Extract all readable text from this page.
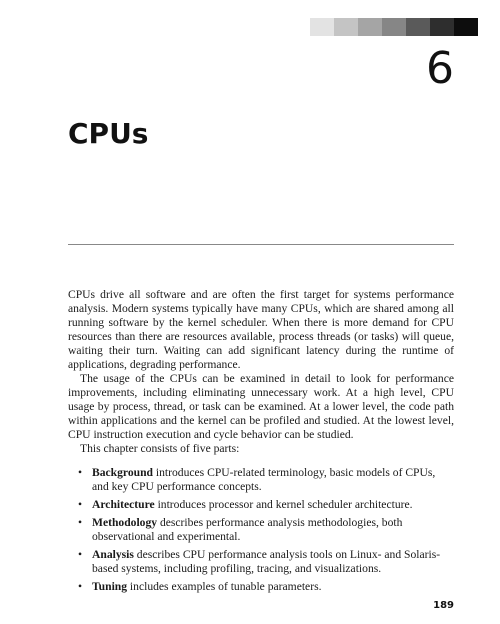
6
CPUs

CPUs drive all software and are often the first target for systems performance analysis. Modern systems typically have many CPUs, which are shared among all running software by the kernel scheduler. When there is more demand for CPU resources than there are resources available, process threads (or tasks) will queue, waiting their turn. Waiting can add significant latency during the runtime of applications, degrading performance.

The usage of the CPUs can be examined in detail to look for performance improvements, including eliminating unnecessary work. At a high level, CPU usage by process, thread, or task can be examined. At a lower level, the code path within applications and the kernel can be profiled and studied. At the lowest level, CPU instruction execution and cycle behavior can be studied.

This chapter consists of five parts:

• Background introduces CPU-related terminology, basic models of CPUs, and key CPU performance concepts.
• Architecture introduces processor and kernel scheduler architecture.
• Methodology describes performance analysis methodologies, both observational and experimental.
• Analysis describes CPU performance analysis tools on Linux- and Solaris-based systems, including profiling, tracing, and visualizations.
• Tuning includes examples of tunable parameters.
189
